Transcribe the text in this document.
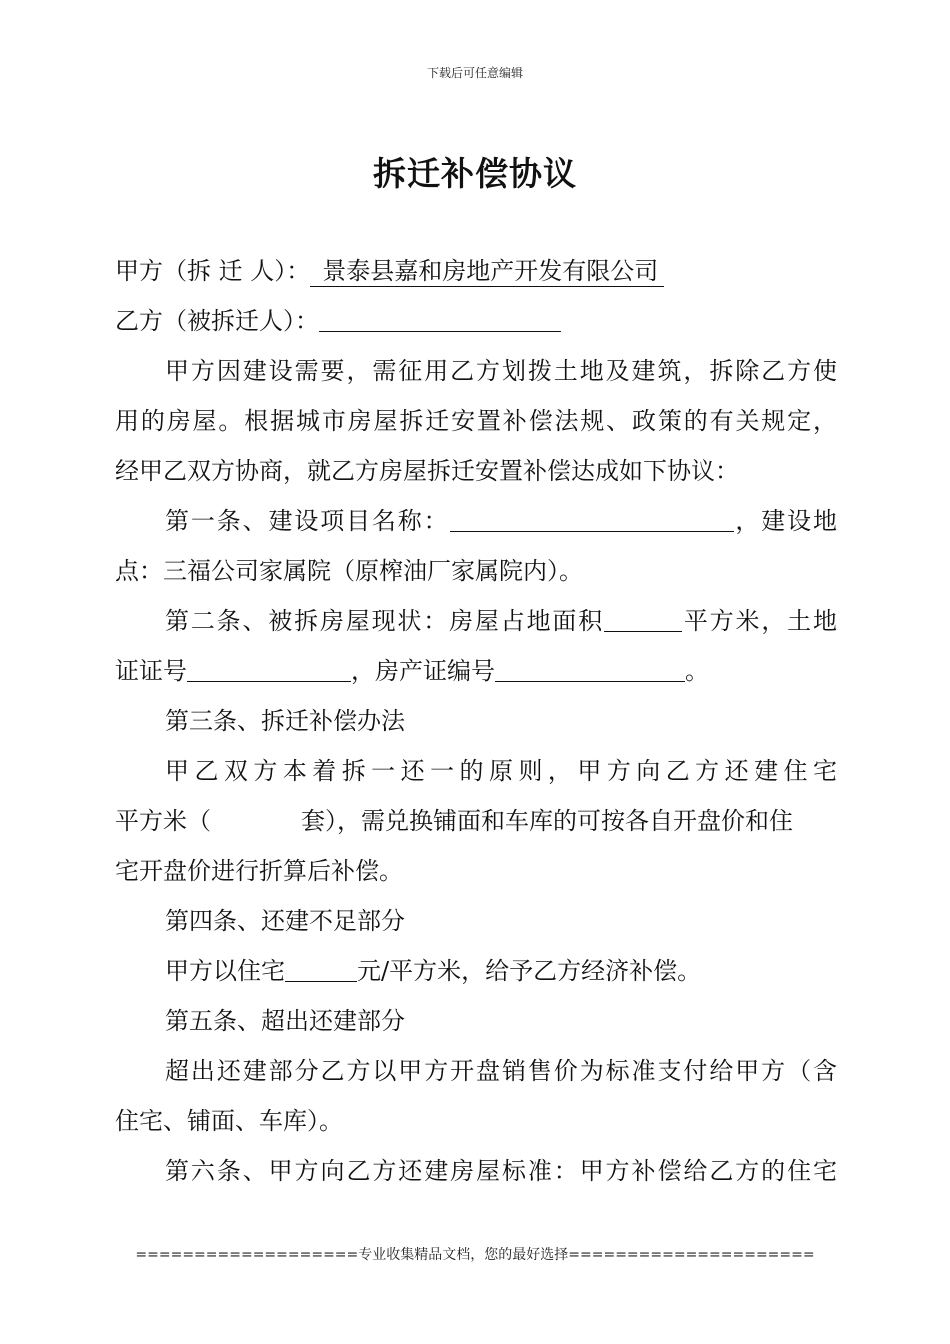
下载后可任意编辑
拆迁补偿协议
甲方（拆 迁 人）： 景泰县嘉和房地产开发有限公司
乙方（被拆迁人）：
甲方因建设需要，需征用乙方划拨土地及建筑，拆除乙方使
用的房屋。根据城市房屋拆迁安置补偿法规、政策的有关规定，
经甲乙双方协商，就乙方房屋拆迁安置补偿达成如下协议：
第一条、建设项目名称：	，建设地
点：三福公司家属院（原榨油厂家属院内）。
第二条、被拆房屋现状：房屋占地面积	平方米，土地
证证号	，房产证编号	。
第三条、拆迁补偿办法
甲乙双方本着拆一还一的原则，甲方向乙方还建住宅
平方米（	套），需兑换铺面和车库的可按各自开盘价和住
宅开盘价进行折算后补偿。
第四条、还建不足部分
甲方以住宅	元/平方米，给予乙方经济补偿。
第五条、超出还建部分
超出还建部分乙方以甲方开盘销售价为标准支付给甲方（含
住宅、铺面、车库）。
第六条、甲方向乙方还建房屋标准：甲方补偿给乙方的住宅
===================专业收集精品文档，您的最好选择=====================
